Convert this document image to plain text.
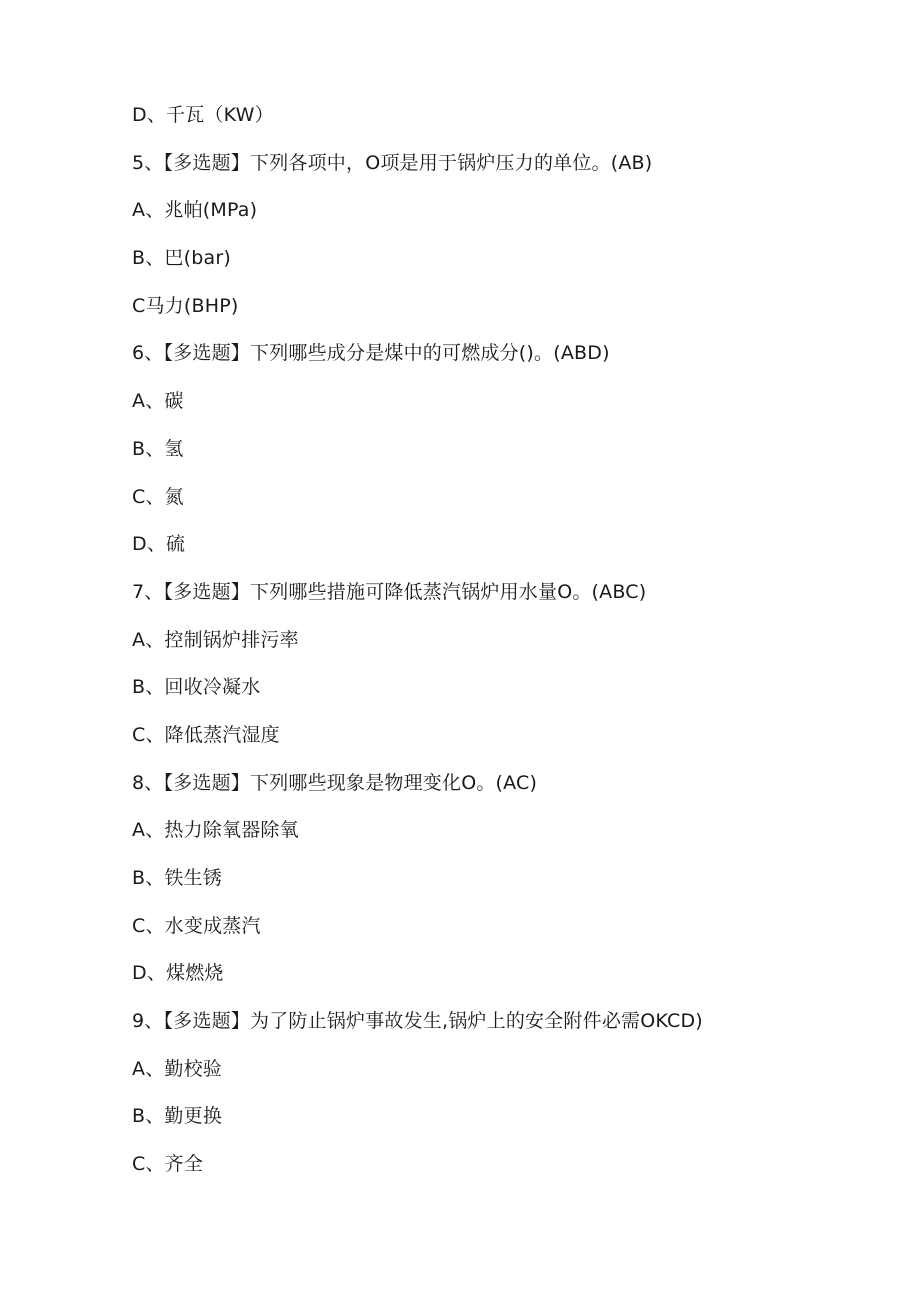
D、千瓦（KW）
5、【多选题】下列各项中，O项是用于锅炉压力的单位。(AB)
A、兆帕(MPa)
B、巴(bar)
C马力(BHP)
6、【多选题】下列哪些成分是煤中的可燃成分()。(ABD)
A、碳
B、氢
C、氮
D、硫
7、【多选题】下列哪些措施可降低蒸汽锅炉用水量O。(ABC)
A、控制锅炉排污率
B、回收冷凝水
C、降低蒸汽湿度
8、【多选题】下列哪些现象是物理变化O。(AC)
A、热力除氧器除氧
B、铁生锈
C、水变成蒸汽
D、煤燃烧
9、【多选题】为了防止锅炉事故发生,锅炉上的安全附件必需OKCD)
A、勤校验
B、勤更换
C、齐全
